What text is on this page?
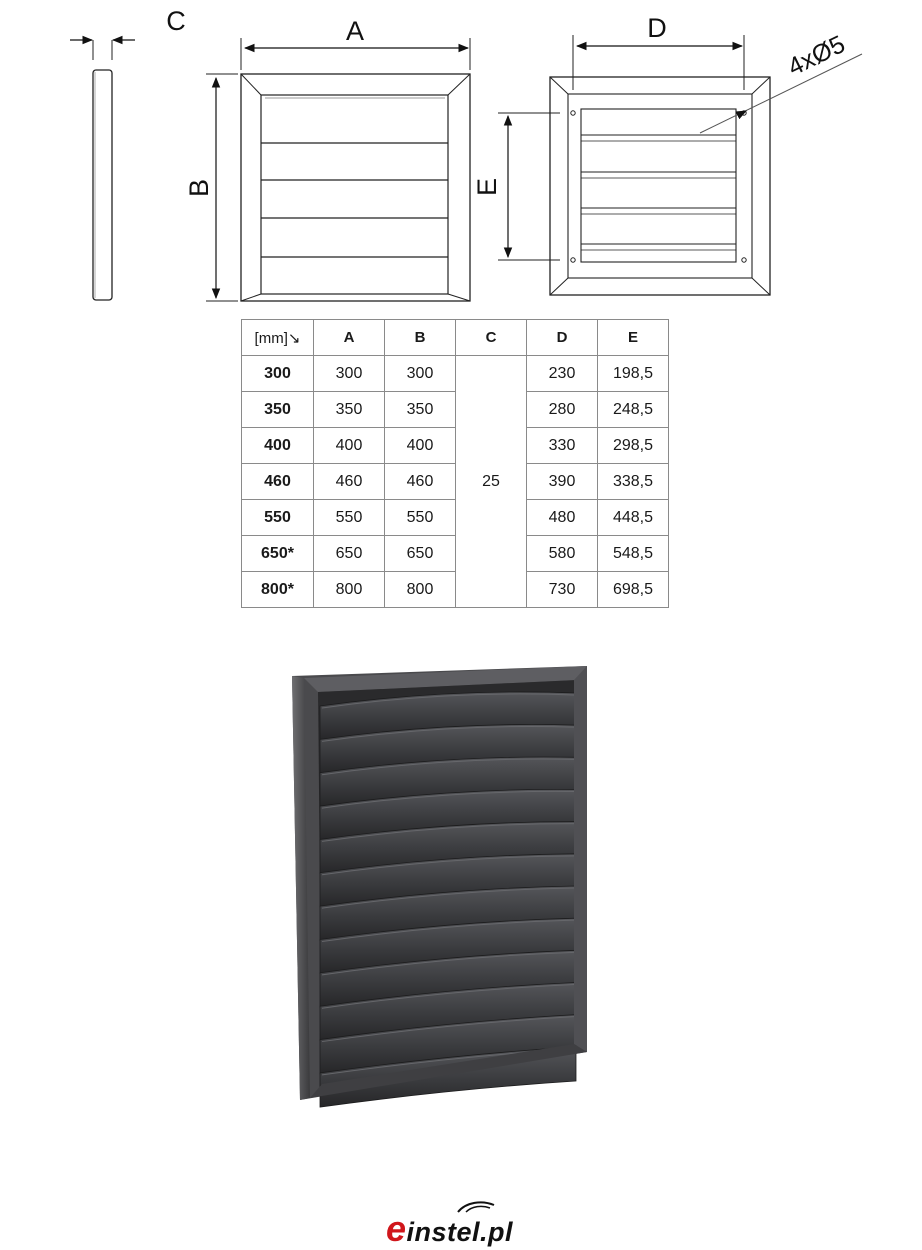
C	A
B
D
E
4xØ5
[mm]↘	A	B	C	D	E
300	300	300	25	230	198,5
350	350	350		280	248,5
400	400	400		330	298,5
460	460	460		390	338,5
550	550	550		480	448,5
650*	650	650		580	548,5
800*	800	800		730	698,5
einstel.pl
